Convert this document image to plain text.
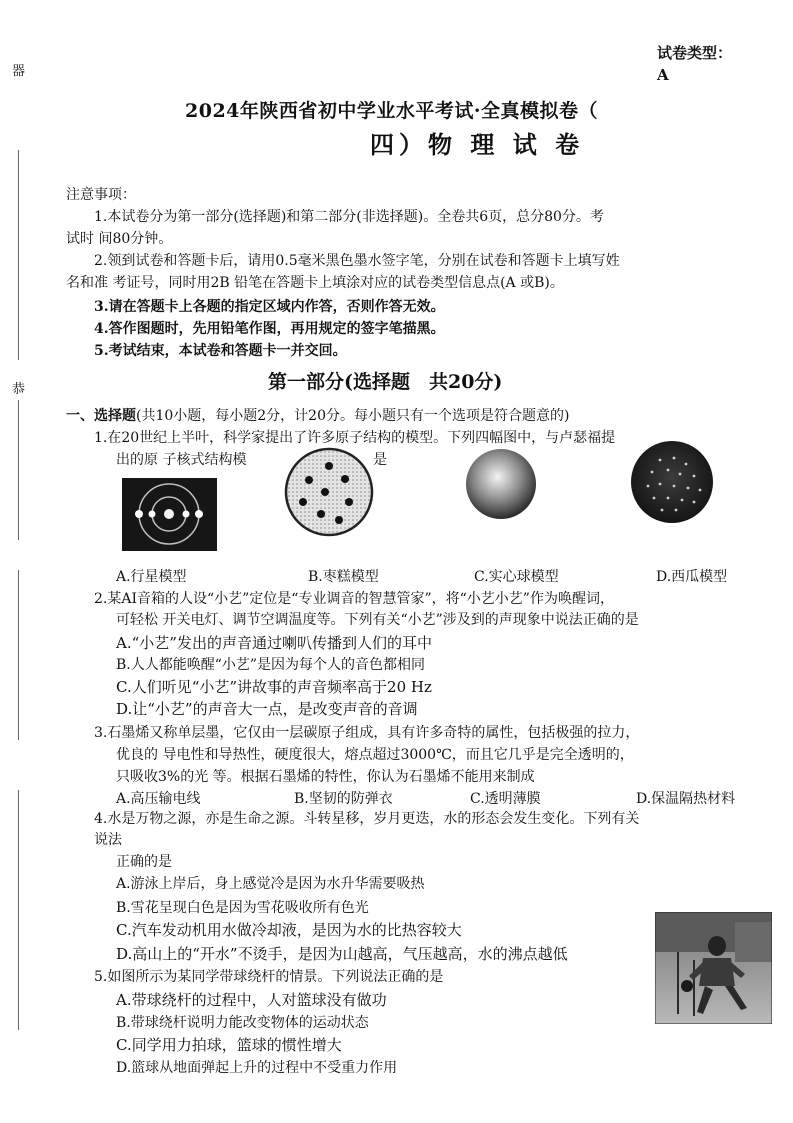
器
恭
试卷类型：
A
2024年陕西省初中学业水平考试·全真模拟卷（
四）物 理 试 卷
注意事项：
1.本试卷分为第一部分(选择题)和第二部分(非选择题)。全卷共6页，总分80分。考
试时 间80分钟。
2.领到试卷和答题卡后，请用0.5毫米黑色墨水签字笔，分别在试卷和答题卡上填写姓
名和准 考证号，同时用2B 铅笔在答题卡上填涂对应的试卷类型信息点(A 或B)。
3.请在答题卡上各题的指定区域内作答，否则作答无效。
4.答作图题时，先用铅笔作图，再用规定的签字笔描黑。
5.考试结束，本试卷和答题卡一并交回。
第一部分(选择题　共20分)
一、选择题(共10小题，每小题2分，计20分。每小题只有一个选项是符合题意的)
1.在20世纪上半叶，科学家提出了许多原子结构的模型。下列四幅图中，与卢瑟福提
出的原 子核式结构模	是
A.行星模型	B.枣糕模型	C.实心球模型	D.西瓜模型
2.某AI音箱的人设“小艺”定位是“专业调音的智慧管家”，将“小艺小艺”作为唤醒词，
可轻松 开关电灯、调节空调温度等。下列有关“小艺”涉及到的声现象中说法正确的是
A.“小艺”发出的声音通过喇叭传播到人们的耳中
B.人人都能唤醒“小艺”是因为每个人的音色都相同
C.人们听见“小艺”讲故事的声音频率高于20 Hz
D.让“小艺”的声音大一点，是改变声音的音调
3.石墨烯又称单层墨，它仅由一层碳原子组成，具有许多奇特的属性，包括极强的拉力，
优良的 导电性和导热性，硬度很大，熔点超过3000℃，而且它几乎是完全透明的，
只吸收3%的光 等。根据石墨烯的特性，你认为石墨烯不能用来制成
A.高压输电线	B.坚韧的防弹衣	C.透明薄膜	D.保温隔热材料
4.水是万物之源，亦是生命之源。斗转星移，岁月更迭，水的形态会发生变化。下列有关
说法
正确的是
A.游泳上岸后，身上感觉冷是因为水升华需要吸热
B.雪花呈现白色是因为雪花吸收所有色光
C.汽车发动机用水做冷却液，是因为水的比热容较大
D.高山上的“开水”不烫手，是因为山越高，气压越高，水的沸点越低
5.如图所示为某同学带球绕杆的情景。下列说法正确的是
A.带球绕杆的过程中，人对篮球没有做功
B.带球绕杆说明力能改变物体的运动状态
C.同学用力拍球，篮球的惯性增大
D.篮球从地面弹起上升的过程中不受重力作用
